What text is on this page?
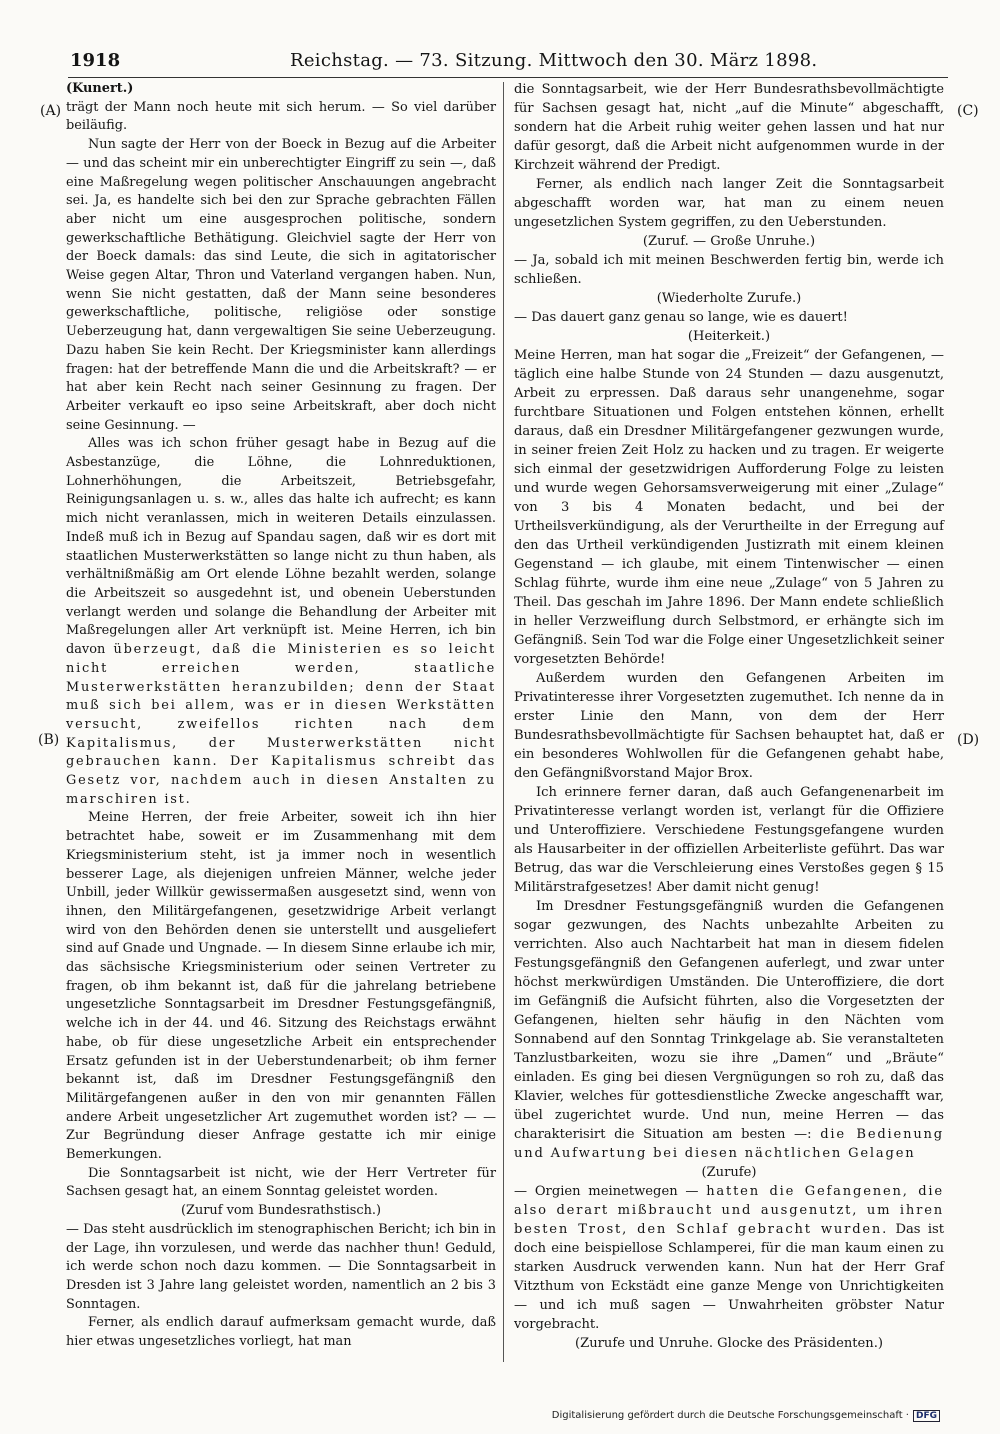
1918	Reichstag. — 73. Sitzung. Mittwoch den 30. März 1898.
(A)
(B)
(C)
(D)

(Kunert.)

trägt der Mann noch heute mit sich herum. — So viel darüber beiläufig.

Nun sagte der Herr von der Boeck in Bezug auf die Arbeiter — und das scheint mir ein unberechtigter Eingriff zu sein —, daß eine Maßregelung wegen politischer Anschauungen angebracht sei. Ja, es handelte sich bei den zur Sprache gebrachten Fällen aber nicht um eine ausgesprochen politische, sondern gewerkschaftliche Bethätigung. Gleichviel sagte der Herr von der Boeck damals: das sind Leute, die sich in agitatorischer Weise gegen Altar, Thron und Vaterland vergangen haben. Nun, wenn Sie nicht gestatten, daß der Mann seine besonderes gewerkschaftliche, politische, religiöse oder sonstige Ueberzeugung hat, dann vergewaltigen Sie seine Ueberzeugung. Dazu haben Sie kein Recht. Der Kriegsminister kann allerdings fragen: hat der betreffende Mann die und die Arbeitskraft? — er hat aber kein Recht nach seiner Gesinnung zu fragen. Der Arbeiter verkauft eo ipso seine Arbeitskraft, aber doch nicht seine Gesinnung. —

Alles was ich schon früher gesagt habe in Bezug auf die Asbestanzüge, die Löhne, die Lohnreduktionen, Lohnerhöhungen, die Arbeitszeit, Betriebsgefahr, Reinigungsanlagen u. s. w., alles das halte ich aufrecht; es kann mich nicht veranlassen, mich in weiteren Details einzulassen. Indeß muß ich in Bezug auf Spandau sagen, daß wir es dort mit staatlichen Musterwerkstätten so lange nicht zu thun haben, als verhältnißmäßig am Ort elende Löhne bezahlt werden, solange die Arbeitszeit so ausgedehnt ist, und obenein Ueberstunden verlangt werden und solange die Behandlung der Arbeiter mit Maßregelungen aller Art verknüpft ist. Meine Herren, ich bin davon überzeugt, daß die Ministerien es so leicht nicht erreichen werden, staatliche Musterwerkstätten heranzubilden; denn der Staat muß sich bei allem, was er in diesen Werkstätten versucht, zweifellos richten nach dem Kapitalismus, der Musterwerkstätten nicht gebrauchen kann. Der Kapitalismus schreibt das Gesetz vor, nachdem auch in diesen Anstalten zu marschiren ist.

Meine Herren, der freie Arbeiter, soweit ich ihn hier betrachtet habe, soweit er im Zusammenhang mit dem Kriegsministerium steht, ist ja immer noch in wesentlich besserer Lage, als diejenigen unfreien Männer, welche jeder Unbill, jeder Willkür gewissermaßen ausgesetzt sind, wenn von ihnen, den Militärgefangenen, gesetzwidrige Arbeit verlangt wird von den Behörden denen sie unterstellt und ausgeliefert sind auf Gnade und Ungnade. — In diesem Sinne erlaube ich mir, das sächsische Kriegsministerium oder seinen Vertreter zu fragen, ob ihm bekannt ist, daß für die jahrelang betriebene ungesetzliche Sonntagsarbeit im Dresdner Festungsgefängniß, welche ich in der 44. und 46. Sitzung des Reichstags erwähnt habe, ob für diese ungesetzliche Arbeit ein entsprechender Ersatz gefunden ist in der Ueberstundenarbeit; ob ihm ferner bekannt ist, daß im Dresdner Festungsgefängniß den Militärgefangenen außer in den von mir genannten Fällen andere Arbeit ungesetzlicher Art zugemuthet worden ist? — — Zur Begründung dieser Anfrage gestatte ich mir einige Bemerkungen.

Die Sonntagsarbeit ist nicht, wie der Herr Vertreter für Sachsen gesagt hat, an einem Sonntag geleistet worden.

(Zuruf vom Bundesrathstisch.)

— Das steht ausdrücklich im stenographischen Bericht; ich bin in der Lage, ihn vorzulesen, und werde das nachher thun! Geduld, ich werde schon noch dazu kommen. — Die Sonntagsarbeit in Dresden ist 3 Jahre lang geleistet worden, namentlich an 2 bis 3 Sonntagen.

Ferner, als endlich darauf aufmerksam gemacht wurde, daß hier etwas ungesetzliches vorliegt, hat man

die Sonntagsarbeit, wie der Herr Bundesrathsbevollmächtigte für Sachsen gesagt hat, nicht „auf die Minute“ abgeschafft, sondern hat die Arbeit ruhig weiter gehen lassen und hat nur dafür gesorgt, daß die Arbeit nicht aufgenommen wurde in der Kirchzeit während der Predigt.

Ferner, als endlich nach langer Zeit die Sonntagsarbeit abgeschafft worden war, hat man zu einem neuen ungesetzlichen System gegriffen, zu den Ueberstunden.

(Zuruf. — Große Unruhe.)

— Ja, sobald ich mit meinen Beschwerden fertig bin, werde ich schließen.

(Wiederholte Zurufe.)

— Das dauert ganz genau so lange, wie es dauert!

(Heiterkeit.)

Meine Herren, man hat sogar die „Freizeit“ der Gefangenen, — täglich eine halbe Stunde von 24 Stunden — dazu ausgenutzt, Arbeit zu erpressen. Daß daraus sehr unangenehme, sogar furchtbare Situationen und Folgen entstehen können, erhellt daraus, daß ein Dresdner Militärgefangener gezwungen wurde, in seiner freien Zeit Holz zu hacken und zu tragen. Er weigerte sich einmal der gesetzwidrigen Aufforderung Folge zu leisten und wurde wegen Gehorsamsverweigerung mit einer „Zulage“ von 3 bis 4 Monaten bedacht, und bei der Urtheilsverkündigung, als der Verurtheilte in der Erregung auf den das Urtheil verkündigenden Justizrath mit einem kleinen Gegenstand — ich glaube, mit einem Tintenwischer — einen Schlag führte, wurde ihm eine neue „Zulage“ von 5 Jahren zu Theil. Das geschah im Jahre 1896. Der Mann endete schließlich in heller Verzweiflung durch Selbstmord, er erhängte sich im Gefängniß. Sein Tod war die Folge einer Ungesetzlichkeit seiner vorgesetzten Behörde!

Außerdem wurden den Gefangenen Arbeiten im Privatinteresse ihrer Vorgesetzten zugemuthet. Ich nenne da in erster Linie den Mann, von dem der Herr Bundesrathsbevollmächtigte für Sachsen behauptet hat, daß er ein besonderes Wohlwollen für die Gefangenen gehabt habe, den Gefängnißvorstand Major Brox.

Ich erinnere ferner daran, daß auch Gefangenenarbeit im Privatinteresse verlangt worden ist, verlangt für die Offiziere und Unteroffiziere. Verschiedene Festungsgefangene wurden als Hausarbeiter in der offiziellen Arbeiterliste geführt. Das war Betrug, das war die Verschleierung eines Verstoßes gegen § 15 Militärstrafgesetzes! Aber damit nicht genug!

Im Dresdner Festungsgefängniß wurden die Gefangenen sogar gezwungen, des Nachts unbezahlte Arbeiten zu verrichten. Also auch Nachtarbeit hat man in diesem fidelen Festungsgefängniß den Gefangenen auferlegt, und zwar unter höchst merkwürdigen Umständen. Die Unteroffiziere, die dort im Gefängniß die Aufsicht führten, also die Vorgesetzten der Gefangenen, hielten sehr häufig in den Nächten vom Sonnabend auf den Sonntag Trinkgelage ab. Sie veranstalteten Tanzlustbarkeiten, wozu sie ihre „Damen“ und „Bräute“ einladen. Es ging bei diesen Vergnügungen so roh zu, daß das Klavier, welches für gottesdienstliche Zwecke angeschafft war, übel zugerichtet wurde. Und nun, meine Herren — das charakterisirt die Situation am besten —: die Bedienung und Aufwartung bei diesen nächtlichen Gelagen

(Zurufe)

— Orgien meinetwegen — hatten die Gefangenen, die also derart mißbraucht und ausgenutzt, um ihren besten Trost, den Schlaf gebracht wurden. Das ist doch eine beispiellose Schlamperei, für die man kaum einen zu starken Ausdruck verwenden kann. Nun hat der Herr Graf Vitzthum von Eckstädt eine ganze Menge von Unrichtigkeiten — und ich muß sagen — Unwahrheiten gröbster Natur vorgebracht.

(Zurufe und Unruhe. Glocke des Präsidenten.)

Digitalisierung gefördert durch die Deutsche Forschungsgemeinschaft · DFG
